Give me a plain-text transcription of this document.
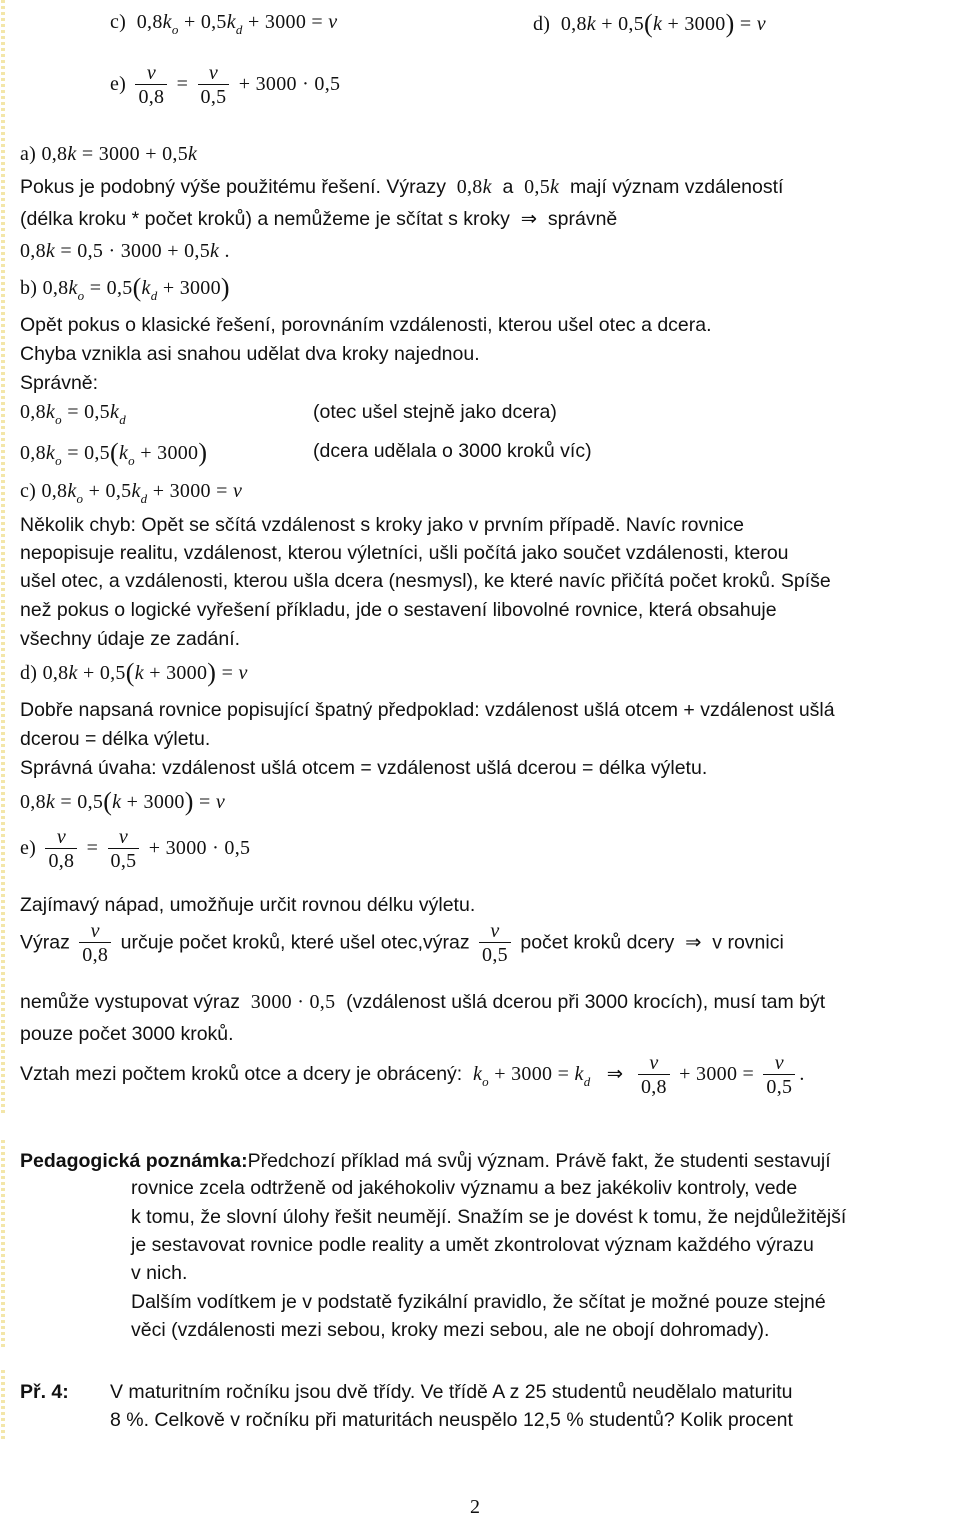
c)  $0,8k_o + 0,5k_d + 3000 = v$	d)  0,8k + 0,5(k + 3000) = v
$e) \frac{v}{0,8} = \frac{v}{0,5} + 3000 \cdot 0,5$
a) 0,8k = 3000 + 0,5k
Pokus je podobný výše použitému řešení. Výrazy  0,8k a  0,5k mají význam vzdáleností
(délka kroku * počet kroků) a nemůžeme je sčítat s kroky  ⇒  správně
0,8k = 0,5 · 3000 + 0,5k .
b) $0,8k_o = 0,5(k_d + 3000)$
Opět pokus o klasické řešení, porovnáním vzdálenosti, kterou ušel otec a dcera.
Chyba vznikla asi snahou udělat dva kroky najednou.
Správně:
$0,8k_o = 0,5k_d$	(otec ušel stejně jako dcera)
$0,8k_o = 0,5(k_o + 3000)$	(dcera udělala o 3000 kroků víc)
c) $0,8k_o + 0,5k_d + 3000 = v$
Několik chyb: Opět se sčítá vzdálenost s kroky jako v prvním případě. Navíc rovnice
nepopisuje realitu, vzdálenost, kterou výletníci, ušli počítá jako součet vzdálenosti, kterou
ušel otec, a vzdálenosti, kterou ušla dcera (nesmysl), ke které navíc přičítá počet kroků. Spíše
než pokus o logické vyřešení příkladu, jde o sestavení libovolné rovnice, která obsahuje
všechny údaje ze zadání.
d) 0,8k + 0,5(k + 3000) = v
Dobře napsaná rovnice popisující špatný předpoklad: vzdálenost ušlá otcem + vzdálenost ušlá
dcerou = délka výletu.
Správná úvaha: vzdálenost ušlá otcem = vzdálenost ušlá dcerou = délka výletu.
0,8k = 0,5(k + 3000) = v
$e) \frac{v}{0,8} = \frac{v}{0,5} + 3000 \cdot 0,5$
Zajímavý nápad, umožňuje určit rovnou délku výletu.
Výraz $\frac{v}{0,8}$ určuje počet kroků, které ušel otec,výraz $\frac{v}{0,5}$ počet kroků dcery  ⇒  v rovnici
nemůže vystupovat výraz  3000 · 0,5  (vzdálenost ušlá dcerou při 3000 krocích), musí tam být
pouze počet 3000 kroků.
Vztah mezi počtem kroků otce a dcery je obrácený: $k_o + 3000 = k_d$   ⇒ $\frac{v}{0,8} + 3000 = \frac{v}{0,5}$ .
Pedagogická poznámka:Předchozí příklad má svůj význam. Právě fakt, že studenti sestavují
rovnice zcela odtrženě od jakéhokoliv významu a bez jakékoliv kontroly, vede
k tomu, že slovní úlohy řešit neumějí. Snažím se je dovést k tomu, že nejdůležitější
je sestavovat rovnice podle reality a umět zkontrolovat význam každého výrazu
v nich.
Dalším vodítkem je v podstatě fyzikální pravidlo, že sčítat je možné pouze stejné
věci (vzdálenosti mezi sebou, kroky mezi sebou, ale ne obojí dohromady).
Př. 4: V maturitním ročníku jsou dvě třídy. Ve třídě A z 25 studentů neudělalo maturitu
8 %. Celkově v ročníku při maturitách neuspělo 12,5 % studentů? Kolik procent
2
